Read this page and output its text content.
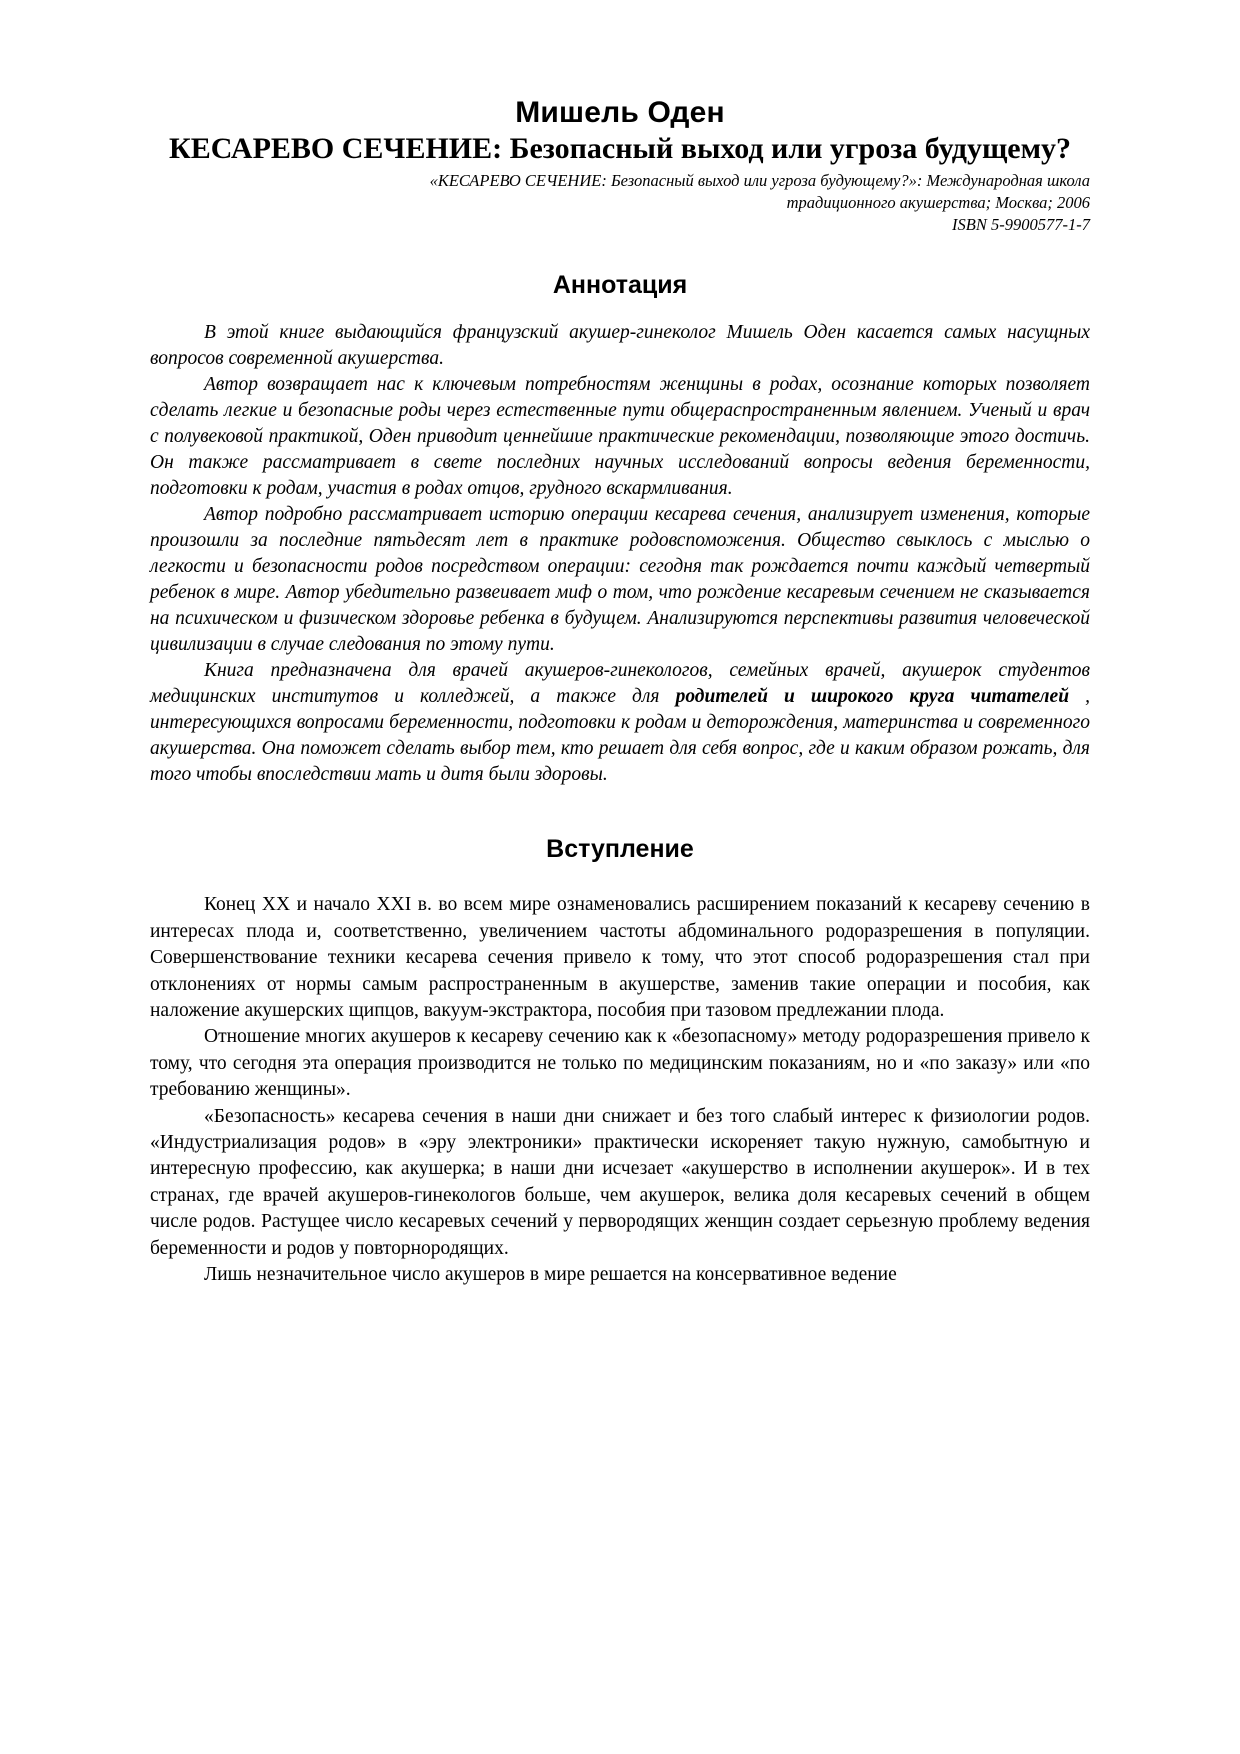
Мишель Оден
КЕСАРЕВО СЕЧЕНИЕ: Безопасный выход или угроза будущему?
«КЕСАРЕВО СЕЧЕНИЕ: Безопасный выход или угроза будующему?»: Международная школа
традиционного акушерства; Москва; 2006
ISBN 5-9900577-1-7
Аннотация

В этой книге выдающийся французский акушер-гинеколог Мишель Оден касается самых насущных вопросов современной акушерства.

Автор возвращает нас к ключевым потребностям женщины в родах, осознание которых позволяет сделать легкие и безопасные роды через естественные пути общераспространенным явлением. Ученый и врач с полувековой практикой, Оден приводит ценнейшие практические рекомендации, позволяющие этого достичь. Он также рассматривает в свете последних научных исследований вопросы ведения беременности, подготовки к родам, участия в родах отцов, грудного вскармливания.

Автор подробно рассматривает историю операции кесарева сечения, анализирует изменения, которые произошли за последние пятьдесят лет в практике родовспоможения. Общество свыклось с мыслью о легкости и безопасности родов посредством операции: сегодня так рождается почти каждый четвертый ребенок в мире. Автор убедительно развеивает миф о том, что рождение кесаревым сечением не сказывается на психическом и физическом здоровье ребенка в будущем. Анализируются перспективы развития человеческой цивилизации в случае следования по этому пути.

Книга предназначена для врачей акушеров-гинекологов, семейных врачей, акушерок студентов медицинских институтов и колледжей, а также для родителей и широкого круга читателей , интересующихся вопросами беременности, подготовки к родам и деторождения, материнства и современного акушерства. Она поможет сделать выбор тем, кто решает для себя вопрос, где и каким образом рожать, для того чтобы впоследствии мать и дитя были здоровы.

Вступление

Конец XX и начало XXI в. во всем мире ознаменовались расширением показаний к кесареву сечению в интересах плода и, соответственно, увеличением частоты абдоминального родоразрешения в популяции. Совершенствование техники кесарева сечения привело к тому, что этот способ родоразрешения стал при отклонениях от нормы самым распространенным в акушерстве, заменив такие операции и пособия, как наложение акушерских щипцов, вакуум-экстрактора, пособия при тазовом предлежании плода.

Отношение многих акушеров к кесареву сечению как к «безопасному» методу родоразрешения привело к тому, что сегодня эта операция производится не только по медицинским показаниям, но и «по заказу» или «по требованию женщины».

«Безопасность» кесарева сечения в наши дни снижает и без того слабый интерес к физиологии родов. «Индустриализация родов» в «эру электроники» практически искореняет такую нужную, самобытную и интересную профессию, как акушерка; в наши дни исчезает «акушерство в исполнении акушерок». И в тех странах, где врачей акушеров-гинекологов больше, чем акушерок, велика доля кесаревых сечений в общем числе родов. Растущее число кесаревых сечений у первородящих женщин создает серьезную проблему ведения беременности и родов у повторнородящих.

Лишь незначительное число акушеров в мире решается на консервативное ведение
